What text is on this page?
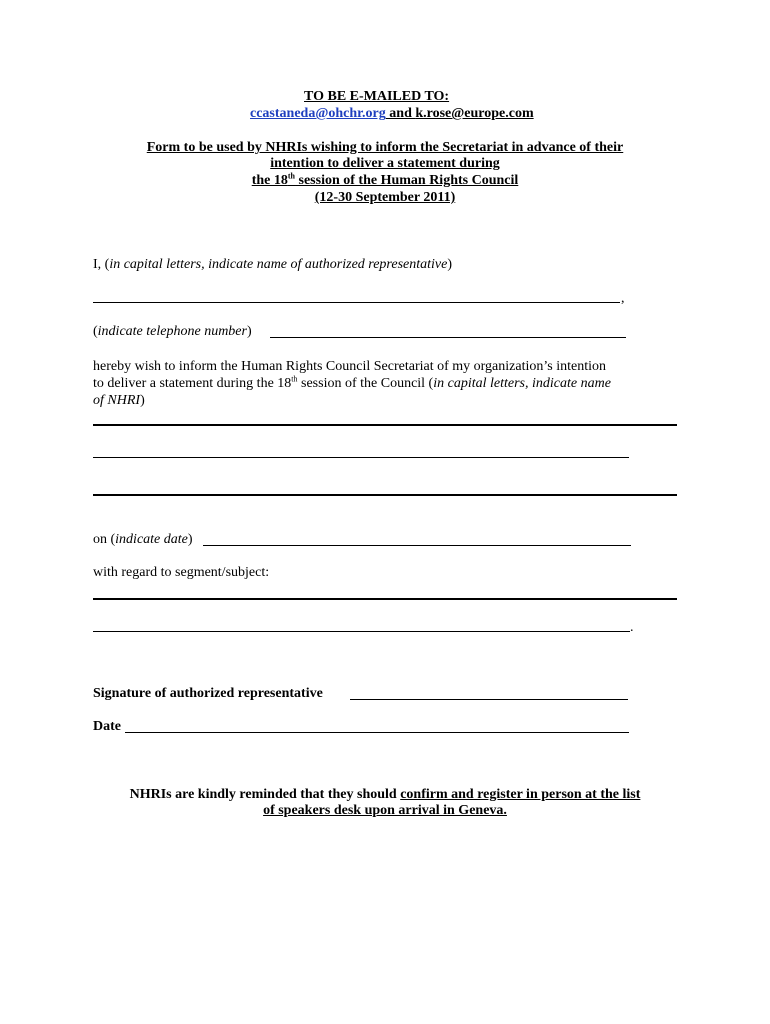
TO BE E-MAILED TO:
ccastaneda@ohchr.org and k.rose@europe.com
Form to be used by NHRIs wishing to inform the Secretariat in advance of their
intention to deliver a statement during
the 18th session of the Human Rights Council
(12-30 September 2011)
I, (in capital letters, indicate name of authorized representative)
,
(indicate telephone number)
hereby wish to inform the Human Rights Council Secretariat of my organization’s intention
to deliver a statement during the 18th session of the Council (in capital letters, indicate name
of NHRI)
on (indicate date)
with regard to segment/subject:
.
Signature of authorized representative
Date
NHRIs are kindly reminded that they should confirm and register in person at the list
of speakers desk upon arrival in Geneva.
